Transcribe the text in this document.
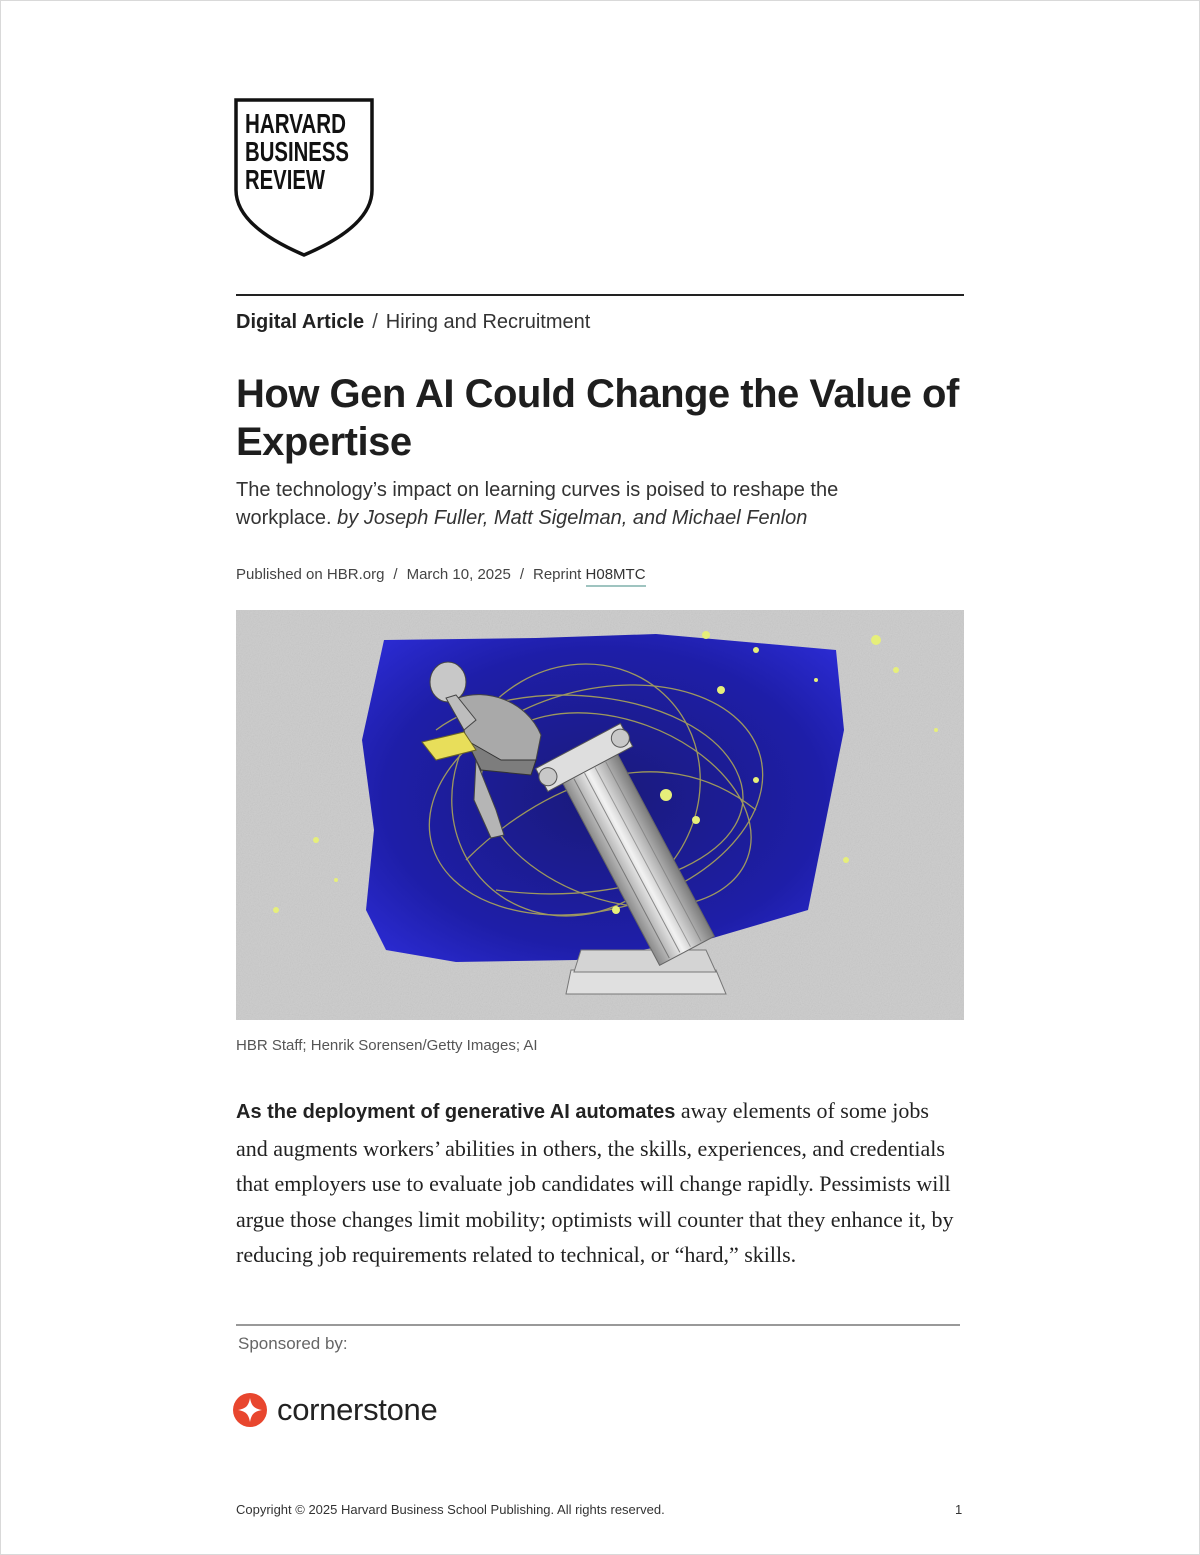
HARVARD
BUSINESS
REVIEW
Digital Article / Hiring and Recruitment
How Gen AI Could Change the Value of Expertise

The technology’s impact on learning curves is poised to reshape the workplace. by Joseph Fuller, Matt Sigelman, and Michael Fenlon

Published on HBR.org / March 10, 2025 / Reprint H08MTC
HBR Staff; Henrik Sorensen/Getty Images; AI

As the deployment of generative AI automates away elements of some jobs and augments workers’ abilities in others, the skills, experiences, and credentials that employers use to evaluate job candidates will change rapidly. Pessimists will argue those changes limit mobility; optimists will counter that they enhance it, by reducing job requirements related to technical, or “hard,” skills.

Sponsored by:
cornerstone
Copyright © 2025 Harvard Business School Publishing. All rights reserved.	1
